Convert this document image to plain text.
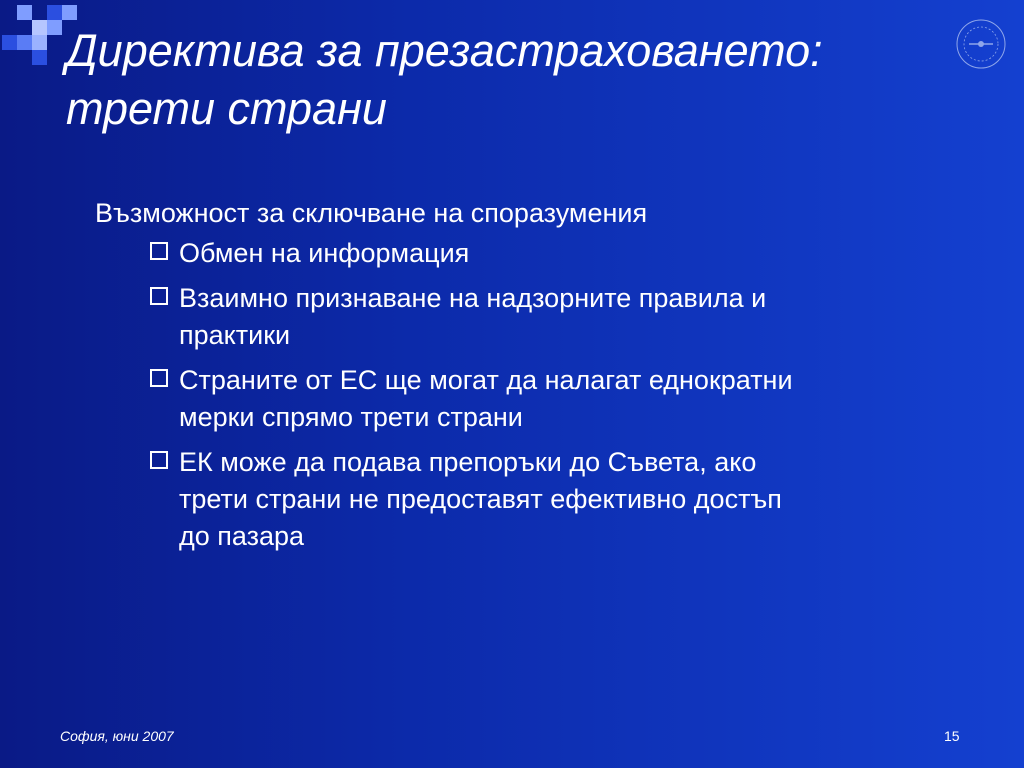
Директива за презастраховането:
трети страни
Възможност за сключване на споразумения
Обмен на информация
Взаимно признаване на надзорните правила и
практики
Страните от ЕС ще могат да налагат еднократни
мерки спрямо трети страни
ЕК може да подава препоръки до Съвета, ако
трети страни не предоставят ефективно достъп
до пазара
София, юни 2007	15
